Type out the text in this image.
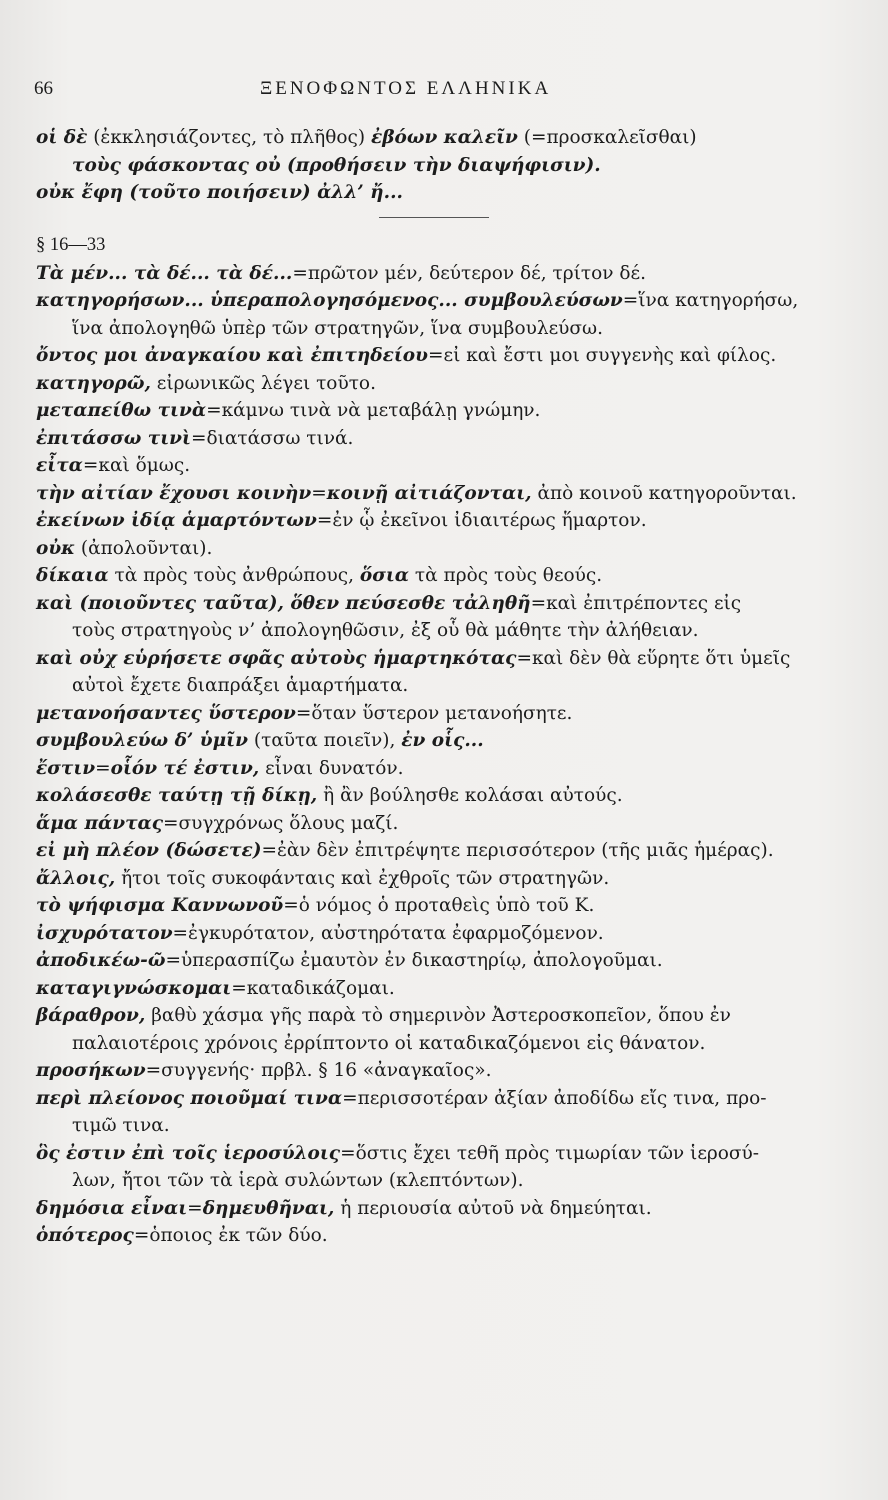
66	ΞΕΝΟΦΩΝΤΟΣ ΕΛΛΗΝΙΚΑ
οἱ δὲ (ἐκκλησιάζοντες, τὸ πλῆθος) ἐβόων καλεῖν (=προσκαλεῖσθαι)
τοὺς φάσκοντας οὐ (προθήσειν τὴν διαψήφισιν).
οὐκ ἔφη (τοῦτο ποιήσειν) ἀλλ’ ἤ...
§ 16—33
Τὰ μέν... τὰ δέ... τὰ δέ...=πρῶτον μέν, δεύτερον δέ, τρίτον δέ.
κατηγορήσων... ὑπεραπολογησόμενος... συμβουλεύσων=ἵνα κατηγορήσω,
ἵνα ἀπολογηθῶ ὑπὲρ τῶν στρατηγῶν, ἵνα συμβουλεύσω.
ὄντος μοι ἀναγκαίου καὶ ἐπιτηδείου=εἰ καὶ ἔστι μοι συγγενὴς καὶ φίλος.
κατηγορῶ, εἰρωνικῶς λέγει τοῦτο.
μεταπείθω τινὰ=κάμνω τινὰ νὰ μεταβάλῃ γνώμην.
ἐπιτάσσω τινὶ=διατάσσω τινά.
εἶτα=καὶ ὅμως.
τὴν αἰτίαν ἔχουσι κοινὴν=κοινῇ αἰτιάζονται, ἀπὸ κοινοῦ κατηγοροῦνται.
ἐκείνων ἰδίᾳ ἁμαρτόντων=ἐν ᾧ ἐκεῖνοι ἰδιαιτέρως ἥμαρτον.
οὐκ (ἀπολοῦνται).
δίκαια τὰ πρὸς τοὺς ἀνθρώπους, ὅσια τὰ πρὸς τοὺς θεούς.
καὶ (ποιοῦντες ταῦτα), ὅθεν πεύσεσθε τἀληθῆ=καὶ ἐπιτρέποντες εἰς
τοὺς στρατηγοὺς ν’ ἀπολογηθῶσιν, ἐξ οὗ θὰ μάθητε τὴν ἀλήθειαν.
καὶ οὐχ εὑρήσετε σφᾶς αὐτοὺς ἡμαρτηκότας=καὶ δὲν θὰ εὕρητε ὅτι ὑμεῖς
αὐτοὶ ἔχετε διαπράξει ἁμαρτήματα.
μετανοήσαντες ὕστερον=ὅταν ὕστερον μετανοήσητε.
συμβουλεύω δ’ ὑμῖν (ταῦτα ποιεῖν), ἐν οἷς...
ἔστιν=οἷόν τέ ἐστιν, εἶναι δυνατόν.
κολάσεσθε ταύτῃ τῇ δίκῃ, ἢ ἂν βούλησθε κολάσαι αὐτούς.
ἅμα πάντας=συγχρόνως ὅλους μαζί.
εἰ μὴ πλέον (δώσετε)=ἐὰν δὲν ἐπιτρέψητε περισσότερον (τῆς μιᾶς ἡμέρας).
ἄλλοις, ἤτοι τοῖς συκοφάνταις καὶ ἐχθροῖς τῶν στρατηγῶν.
τὸ ψήφισμα Καννωνοῦ=ὁ νόμος ὁ προταθεὶς ὑπὸ τοῦ Κ.
ἰσχυρότατον=ἐγκυρότατον, αὐστηρότατα ἐφαρμοζόμενον.
ἀποδικέω-ῶ=ὑπερασπίζω ἐμαυτὸν ἐν δικαστηρίῳ, ἀπολογοῦμαι.
καταγιγνώσκομαι=καταδικάζομαι.
βάραθρον, βαθὺ χάσμα γῆς παρὰ τὸ σημερινὸν Ἀστεροσκοπεῖον, ὅπου ἐν
παλαιοτέροις χρόνοις ἐρρίπτοντο οἱ καταδικαζόμενοι εἰς θάνατον.
προσήκων=συγγενής· πρβλ. § 16 «ἀναγκαῖος».
περὶ πλείονος ποιοῦμαί τινα=περισσοτέραν ἀξίαν ἀποδίδω εἴς τινα, προ-
τιμῶ τινα.
ὃς ἐστιν ἐπὶ τοῖς ἱεροσύλοις=ὅστις ἔχει τεθῆ πρὸς τιμωρίαν τῶν ἱεροσύ-
λων, ἤτοι τῶν τὰ ἱερὰ συλώντων (κλεπτόντων).
δημόσια εἶναι=δημευθῆναι, ἡ περιουσία αὐτοῦ νὰ δημεύηται.
ὁπότερος=ὁποιος ἐκ τῶν δύο.
